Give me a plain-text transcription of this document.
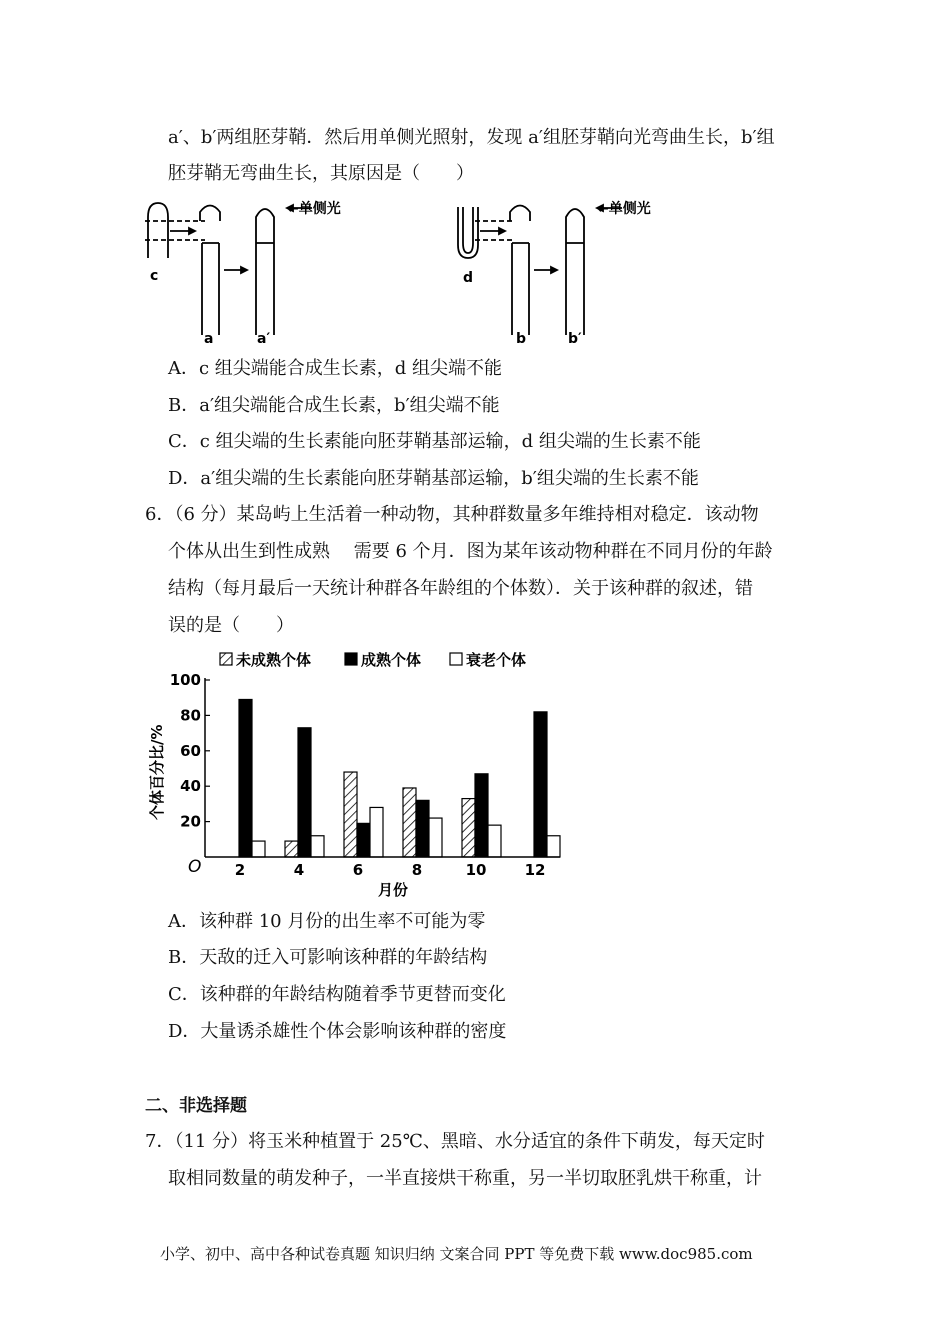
a′、b′两组胚芽鞘．然后用单侧光照射，发现 a′组胚芽鞘向光弯曲生长，b′组
胚芽鞘无弯曲生长，其原因是（　　）
c
a	a′
d
b	b′
←单侧光	←单侧光
A．c 组尖端能合成生长素，d 组尖端不能
B．a′组尖端能合成生长素，b′组尖端不能
C．c 组尖端的生长素能向胚芽鞘基部运输，d 组尖端的生长素不能
D．a′组尖端的生长素能向胚芽鞘基部运输，b′组尖端的生长素不能
6．（6 分）某岛屿上生活着一种动物，其种群数量多年维持相对稳定．该动物
个体从出生到性成熟　 需要 6 个月．图为某年该动物种群在不同月份的年龄
结构（每月最后一天统计种群各年龄组的个体数）．关于该种群的叙述，错
误的是（　　）
未成熟个体	成熟个体	衰老个体
2	4	6	8	10	12
20
40
60
80
100
O
月份
个体百分比/%
A．该种群 10 月份的出生率不可能为零
B．天敌的迁入可影响该种群的年龄结构
C．该种群的年龄结构随着季节更替而变化
D．大量诱杀雄性个体会影响该种群的密度
二、非选择题
7．（11 分）将玉米种植置于 25℃、黑暗、水分适宜的条件下萌发，每天定时
取相同数量的萌发种子，一半直接烘干称重，另一半切取胚乳烘干称重，计
小学、初中、高中各种试卷真题 知识归纳 文案合同 PPT 等免费下载 www.doc985.com
